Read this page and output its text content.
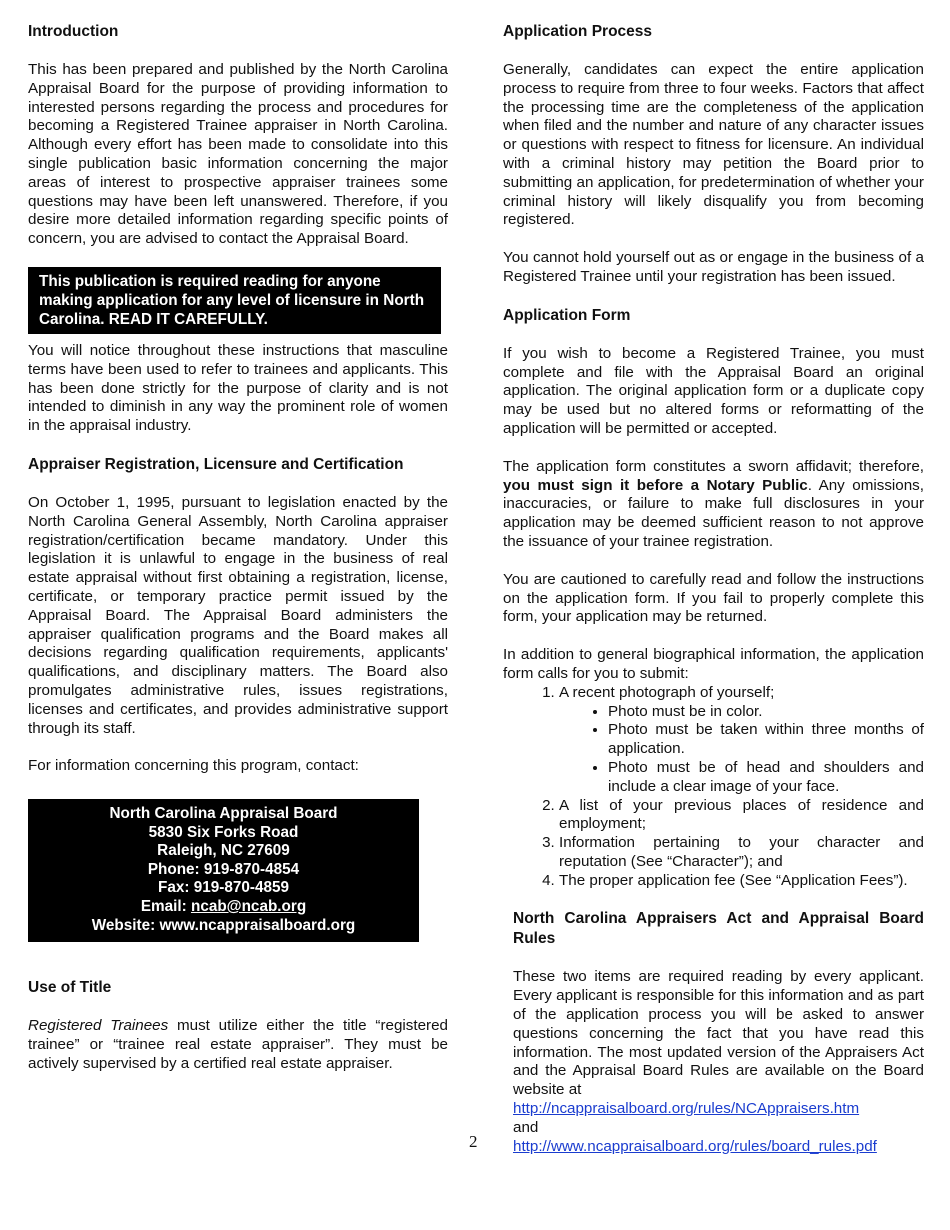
Introduction

This has been prepared and published by the North Carolina Appraisal Board for the purpose of providing information to interested persons regarding the process and procedures for becoming a Registered Trainee appraiser in North Carolina. Although every effort has been made to consolidate into this single publication basic information concerning the major areas of interest to prospective appraiser trainees some questions may have been left unanswered. Therefore, if you desire more detailed information regarding specific points of concern, you are advised to contact the Appraisal Board.

This publication is required reading for anyone making application for any level of licensure in North Carolina. READ IT CAREFULLY.

You will notice throughout these instructions that masculine terms have been used to refer to trainees and applicants. This has been done strictly for the purpose of clarity and is not intended to diminish in any way the prominent role of women in the appraisal industry.

Appraiser Registration, Licensure and Certification

On October 1, 1995, pursuant to legislation enacted by the North Carolina General Assembly, North Carolina appraiser registration/certification became mandatory. Under this legislation it is unlawful to engage in the business of real estate appraisal without first obtaining a registration, license, certificate, or temporary practice permit issued by the Appraisal Board. The Appraisal Board administers the appraiser qualification programs and the Board makes all decisions regarding qualification requirements, applicants' qualifications, and disciplinary matters. The Board also promulgates administrative rules, issues registrations, licenses and certificates, and provides administrative support through its staff.

For information concerning this program, contact:

North Carolina Appraisal Board
5830 Six Forks Road
Raleigh, NC 27609
Phone: 919-870-4854
Fax: 919-870-4859
Email: ncab@ncab.org
Website: www.ncappraisalboard.org
Use of Title

Registered Trainees must utilize either the title “registered trainee” or “trainee real estate appraiser”. They must be actively supervised by a certified real estate appraiser.

Application Process

Generally, candidates can expect the entire application process to require from three to four weeks. Factors that affect the processing time are the completeness of the application when filed and the number and nature of any character issues or questions with respect to fitness for licensure. An individual with a criminal history may petition the Board prior to submitting an application, for predetermination of whether your criminal history will likely disqualify you from becoming registered.

You cannot hold yourself out as or engage in the business of a Registered Trainee until your registration has been issued.

Application Form

If you wish to become a Registered Trainee, you must complete and file with the Appraisal Board an original application. The original application form or a duplicate copy may be used but no altered forms or reformatting of the application will be permitted or accepted.

The application form constitutes a sworn affidavit; therefore, you must sign it before a Notary Public. Any omissions, inaccuracies, or failure to make full disclosures in your application may be deemed sufficient reason to not approve the issuance of your trainee registration.

You are cautioned to carefully read and follow the instructions on the application form. If you fail to properly complete this form, your application may be returned.

In addition to general biographical information, the application form calls for you to submit:

1. A recent photograph of yourself;
• Photo must be in color.
• Photo must be taken within three months of application.
• Photo must be of head and shoulders and include a clear image of your face.
2. A list of your previous places of residence and employment;
3. Information pertaining to your character and reputation (See “Character”); and
4. The proper application fee (See “Application Fees”).
North Carolina Appraisers Act and Appraisal Board Rules

These two items are required reading by every applicant. Every applicant is responsible for this information and as part of the application process you will be asked to answer questions concerning the fact that you have read this information. The most updated version of the Appraisers Act and the Appraisal Board Rules are available on the Board website at

http://ncappraisalboard.org/rules/NCAppraisers.htm
and
http://www.ncappraisalboard.org/rules/board_rules.pdf
2
